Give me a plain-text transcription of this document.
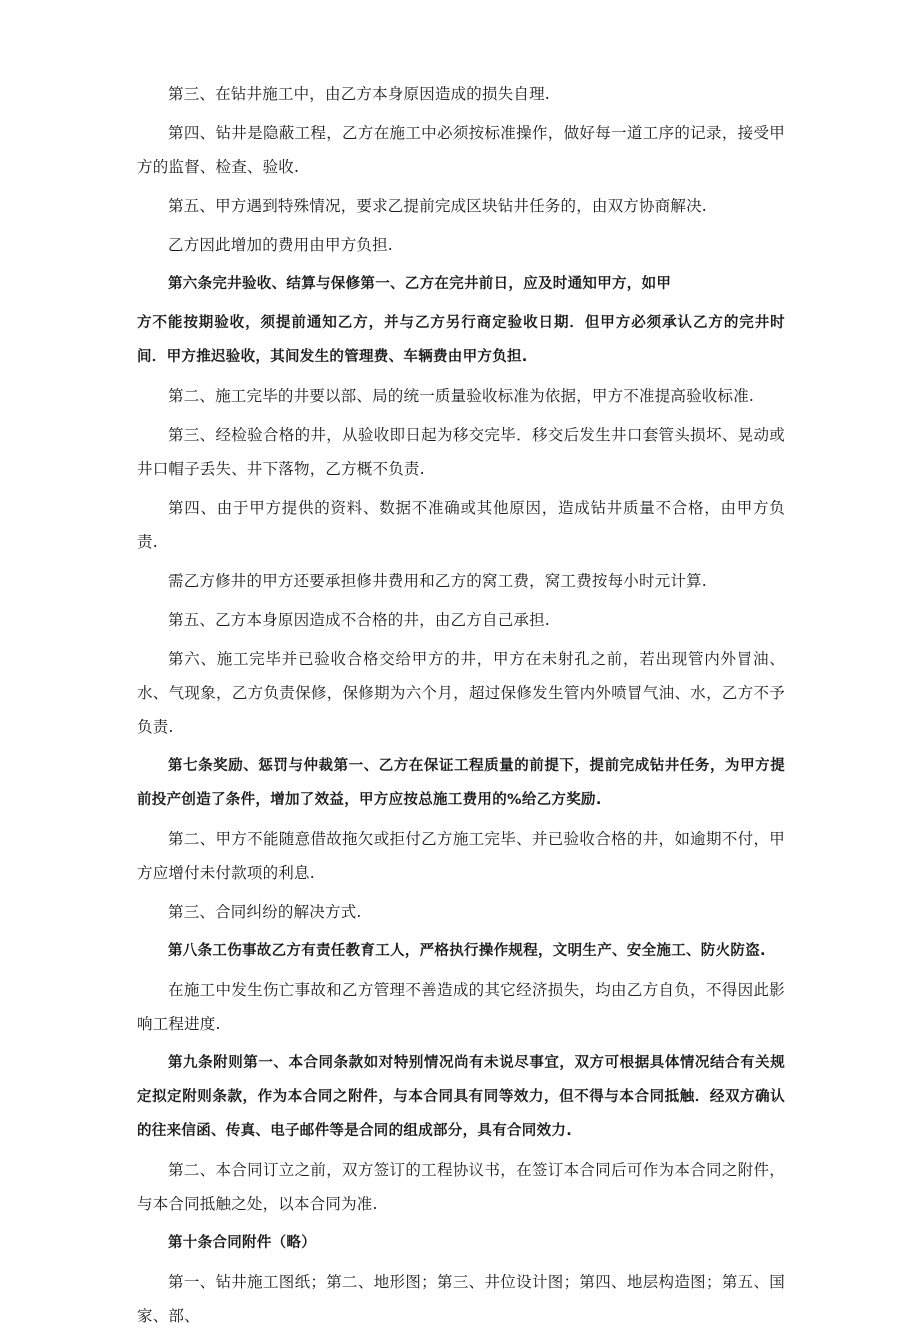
第三、在钻井施工中，由乙方本身原因造成的损失自理.

第四、钻井是隐蔽工程，乙方在施工中必须按标准操作，做好每一道工序的记录，接受甲方的监督、检查、验收.

第五、甲方遇到特殊情况，要求乙提前完成区块钻井任务的，由双方协商解决.

乙方因此增加的费用由甲方负担.

第六条完井验收、结算与保修第一、乙方在完井前日，应及时通知甲方，如甲

方不能按期验收，须提前通知乙方，并与乙方另行商定验收日期．但甲方必须承认乙方的完井时间．甲方推迟验收，其间发生的管理费、车辆费由甲方负担.

第二、施工完毕的井要以部、局的统一质量验收标准为依据，甲方不准提高验收标准.

第三、经检验合格的井，从验收即日起为移交完毕．移交后发生井口套管头损坏、晃动或井口帽子丢失、井下落物，乙方概不负责.

第四、由于甲方提供的资料、数据不准确或其他原因，造成钻井质量不合格，由甲方负责.

需乙方修井的甲方还要承担修井费用和乙方的窝工费，窝工费按每小时元计算.

第五、乙方本身原因造成不合格的井，由乙方自己承担.

第六、施工完毕并已验收合格交给甲方的井，甲方在未射孔之前，若出现管内外冒油、水、气现象，乙方负责保修，保修期为六个月，超过保修发生管内外喷冒气油、水，乙方不予负责.

第七条奖励、惩罚与仲裁第一、乙方在保证工程质量的前提下，提前完成钻井任务，为甲方提前投产创造了条件，增加了效益，甲方应按总施工费用的%给乙方奖励.

第二、甲方不能随意借故拖欠或拒付乙方施工完毕、并已验收合格的井，如逾期不付，甲方应增付未付款项的利息.

第三、合同纠纷的解决方式.

第八条工伤事故乙方有责任教育工人，严格执行操作规程，文明生产、安全施工、防火防盗.

在施工中发生伤亡事故和乙方管理不善造成的其它经济损失，均由乙方自负，不得因此影响工程进度.

第九条附则第一、本合同条款如对特别情况尚有未说尽事宜，双方可根据具体情况结合有关规定拟定附则条款，作为本合同之附件，与本合同具有同等效力，但不得与本合同抵触．经双方确认的往来信函、传真、电子邮件等是合同的组成部分，具有合同效力.

第二、本合同订立之前，双方签订的工程协议书，在签订本合同后可作为本合同之附件，与本合同抵触之处，以本合同为准.

第十条合同附件（略）

第一、钻井施工图纸；第二、地形图；第三、井位设计图；第四、地层构造图；第五、国家、部、
